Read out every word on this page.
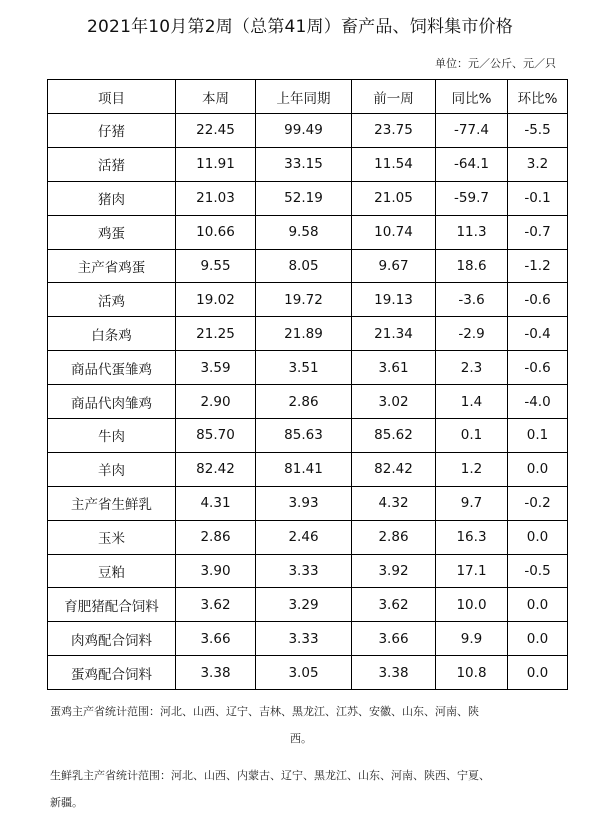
2021年10月第2周（总第41周）畜产品、饲料集市价格
单位：元／公斤、元／只
项目	本周	上年同期	前一周	同比%	环比%
仔猪	22.45	99.49	23.75	-77.4	-5.5
活猪	11.91	33.15	11.54	-64.1	3.2
猪肉	21.03	52.19	21.05	-59.7	-0.1
鸡蛋	10.66	9.58	10.74	11.3	-0.7
主产省鸡蛋	9.55	8.05	9.67	18.6	-1.2
活鸡	19.02	19.72	19.13	-3.6	-0.6
白条鸡	21.25	21.89	21.34	-2.9	-0.4
商品代蛋雏鸡	3.59	3.51	3.61	2.3	-0.6
商品代肉雏鸡	2.90	2.86	3.02	1.4	-4.0
牛肉	85.70	85.63	85.62	0.1	0.1
羊肉	82.42	81.41	82.42	1.2	0.0
主产省生鲜乳	4.31	3.93	4.32	9.7	-0.2
玉米	2.86	2.46	2.86	16.3	0.0
豆粕	3.90	3.33	3.92	17.1	-0.5
育肥猪配合饲料	3.62	3.29	3.62	10.0	0.0
肉鸡配合饲料	3.66	3.33	3.66	9.9	0.0
蛋鸡配合饲料	3.38	3.05	3.38	10.8	0.0
蛋鸡主产省统计范围：河北、山西、辽宁、吉林、黑龙江、江苏、安徽、山东、河南、陕
西。
生鲜乳主产省统计范围：河北、山西、内蒙古、辽宁、黑龙江、山东、河南、陕西、宁夏、
新疆。
